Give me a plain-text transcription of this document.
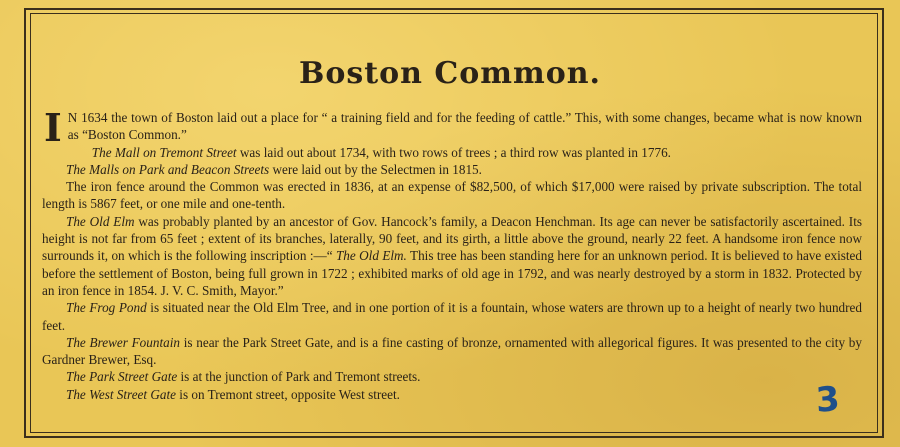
Boston Common.

I N 1634 the town of Boston laid out a place for “ a training field and for the feeding of cattle.” This, with some changes, became what is now known as “Boston Common.”

The Mall on Tremont Street was laid out about 1734, with two rows of trees ; a third row was planted in 1776.

The Malls on Park and Beacon Streets were laid out by the Selectmen in 1815.

The iron fence around the Common was erected in 1836, at an expense of $82,500, of which $17,000 were raised by private subscription. The total length is 5867 feet, or one mile and one-tenth.

The Old Elm was probably planted by an ancestor of Gov. Hancock’s family, a Deacon Henchman. Its age can never be satisfactorily ascertained. Its height is not far from 65 feet ; extent of its branches, laterally, 90 feet, and its girth, a little above the ground, nearly 22 feet. A handsome iron fence now surrounds it, on which is the following inscription :—“ The Old Elm. This tree has been standing here for an unknown period. It is believed to have existed before the settlement of Boston, being full grown in 1722 ; exhibited marks of old age in 1792, and was nearly destroyed by a storm in 1832. Protected by an iron fence in 1854. J. V. C. Smith, Mayor.”

The Frog Pond is situated near the Old Elm Tree, and in one portion of it is a fountain, whose waters are thrown up to a height of nearly two hundred feet.

The Brewer Fountain is near the Park Street Gate, and is a fine casting of bronze, ornamented with allegorical figures. It was presented to the city by Gardner Brewer, Esq.

The Park Street Gate is at the junction of Park and Tremont streets.

The West Street Gate is on Tremont street, opposite West street.	3
